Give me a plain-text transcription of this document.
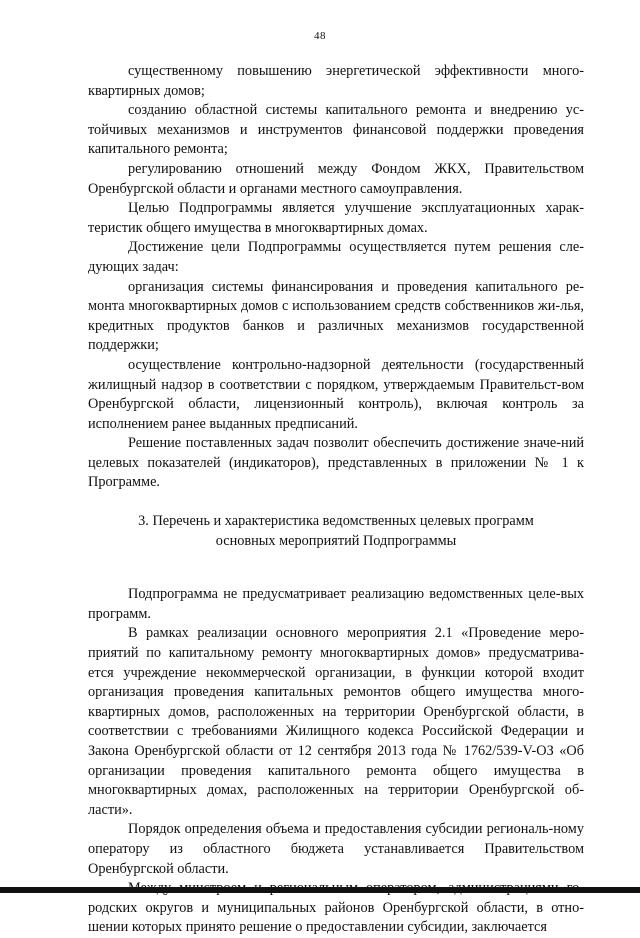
48

существенному повышению энергетической эффективности много-квартирных домов;

созданию областной системы капитального ремонта и внедрению ус-тойчивых механизмов и инструментов финансовой поддержки проведения капитального ремонта;

регулированию отношений между Фондом ЖКХ, Правительством Оренбургской области и органами местного самоуправления.

Целью Подпрограммы является улучшение эксплуатационных харак-теристик общего имущества в многоквартирных домах.

Достижение цели Подпрограммы осуществляется путем решения сле-дующих задач:

организация системы финансирования и проведения капитального ре-монта многоквартирных домов с использованием средств собственников жи-лья, кредитных продуктов банков и различных механизмов государственной поддержки;

осуществление контрольно-надзорной деятельности (государственный жилищный надзор в соответствии с порядком, утверждаемым Правительст-вом Оренбургской области, лицензионный контроль), включая контроль за исполнением ранее выданных предписаний.

Решение поставленных задач позволит обеспечить достижение значе-ний целевых показателей (индикаторов), представленных в приложении № 1 к Программе.

3. Перечень и характеристика ведомственных целевых программ
основных мероприятий Подпрограммы

Подпрограмма не предусматривает реализацию ведомственных целе-вых программ.

В рамках реализации основного мероприятия 2.1 «Проведение меро-приятий по капитальному ремонту многоквартирных домов» предусматрива-ется учреждение некоммерческой организации, в функции которой входит организация проведения капитальных ремонтов общего имущества много-квартирных домов, расположенных на территории Оренбургской области, в соответствии с требованиями Жилищного кодекса Российской Федерации и Закона Оренбургской области от 12 сентября 2013 года № 1762/539-V-ОЗ «Об организации проведения капитального ремонта общего имущества в многоквартирных домах, расположенных на территории Оренбургской об-ласти».

Порядок определения объема и предоставления субсидии региональ-ному оператору из областного бюджета устанавливается Правительством Оренбургской области.

родских округов и муниципальных районов Оренбургской области, в отно-шении которых принято решение о предоставлении субсидии, заключается
